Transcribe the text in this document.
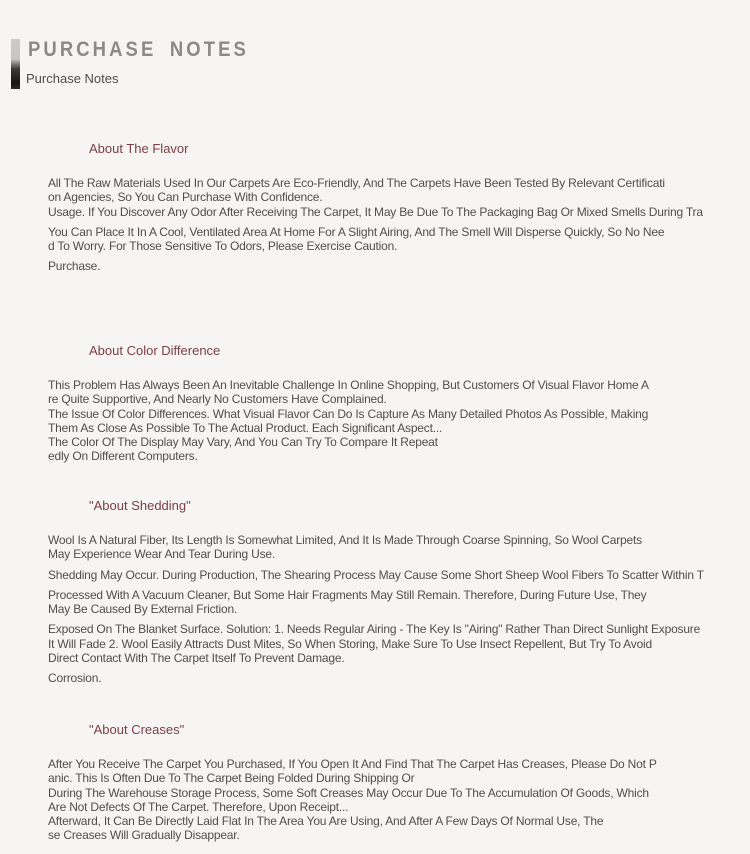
PURCHASE NOTES
Purchase Notes
About The Flavor
All The Raw Materials Used In Our Carpets Are Eco-Friendly, And The Carpets Have Been Tested By Relevant Certificati
on Agencies, So You Can Purchase With Confidence.
Usage. If You Discover Any Odor After Receiving The Carpet, It May Be Due To The Packaging Bag Or Mixed Smells During Tra
You Can Place It In A Cool, Ventilated Area At Home For A Slight Airing, And The Smell Will Disperse Quickly, So No Nee
d To Worry. For Those Sensitive To Odors, Please Exercise Caution.
Purchase.
About Color Difference
This Problem Has Always Been An Inevitable Challenge In Online Shopping, But Customers Of Visual Flavor Home A
re Quite Supportive, And Nearly No Customers Have Complained.
The Issue Of Color Differences. What Visual Flavor Can Do Is Capture As Many Detailed Photos As Possible, Making
Them As Close As Possible To The Actual Product. Each Significant Aspect...
The Color Of The Display May Vary, And You Can Try To Compare It Repeat
edly On Different Computers.
"About Shedding"
Wool Is A Natural Fiber, Its Length Is Somewhat Limited, And It Is Made Through Coarse Spinning, So Wool Carpets
May Experience Wear And Tear During Use.
Shedding May Occur. During Production, The Shearing Process May Cause Some Short Sheep Wool Fibers To Scatter Within T
Processed With A Vacuum Cleaner, But Some Hair Fragments May Still Remain. Therefore, During Future Use, They
May Be Caused By External Friction.
Exposed On The Blanket Surface. Solution: 1. Needs Regular Airing - The Key Is "Airing" Rather Than Direct Sunlight Exposure
It Will Fade 2. Wool Easily Attracts Dust Mites, So When Storing, Make Sure To Use Insect Repellent, But Try To Avoid
Direct Contact With The Carpet Itself To Prevent Damage.
Corrosion.
"About Creases"
After You Receive The Carpet You Purchased, If You Open It And Find That The Carpet Has Creases, Please Do Not P
anic. This Is Often Due To The Carpet Being Folded During Shipping Or
During The Warehouse Storage Process, Some Soft Creases May Occur Due To The Accumulation Of Goods, Which
Are Not Defects Of The Carpet. Therefore, Upon Receipt...
Afterward, It Can Be Directly Laid Flat In The Area You Are Using, And After A Few Days Of Normal Use, The
se Creases Will Gradually Disappear.
